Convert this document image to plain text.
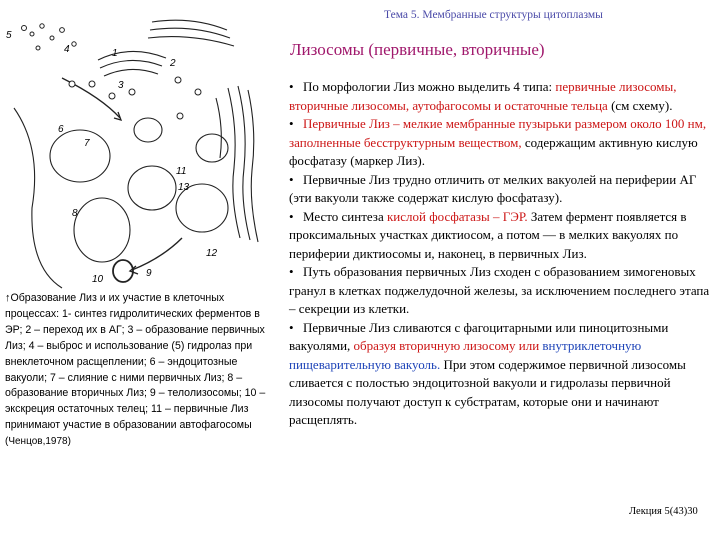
Тема 5. Мембранные структуры цитоплазмы
Лизосомы (первичные, вторичные)
5
4	1
2
3
6
7
11
8
13
12
9
10

↑Образование Лиз и их участие в клеточных процессах: 1- синтез гидролитических ферментов в ЭР; 2 – переход их в АГ; 3 – образование первичных Лиз; 4 – выброс и использование (5) гидролаз при внеклеточном расщеплении; 6 – эндоцитозные вакуоли; 7 – слияние с ними первичных Лиз; 8 – образование вторичных Лиз; 9 – телолизосомы; 10 – экскреция остаточных телец; 11 – первичные Лиз принимают участие в образовании автофагосомы

(Ченцов,1978)

• По морфологии Лиз можно выделить 4 типа: первичные лизосомы, вторичные лизосомы, аутофагосомы и остаточные тельца (см схему).

• Первичные Лиз – мелкие мембранные пузырьки размером около 100 нм, заполненные бесструктурным веществом, содержащим активную кислую фосфатазу (маркер Лиз).

• Первичные Лиз трудно отличить от мелких вакуолей на периферии АГ (эти вакуоли также содержат кислую фосфатазу).

• Место синтеза кислой фосфатазы – ГЭР. Затем фермент появляется в проксимальных участках диктиосом, а потом — в мелких вакуолях по периферии диктиосомы и, наконец, в первичных Лиз.

• Путь образования первичных Лиз сходен с образованием зимогеновых гранул в клетках поджелудочной железы, за исключением последнего этапа – секреции из клетки.

• Первичные Лиз сливаются с фагоцитарными или пиноцитозными вакуолями, образуя вторичную лизосому или внутриклеточную пищеварительную вакуоль. При этом содержимое первичной лизосомы сливается с полостью эндоцитозной вакуоли и гидролазы первичной лизосомы получают доступ к субстратам, которые они и начинают расщеплять.

Лекция 5(43)30
